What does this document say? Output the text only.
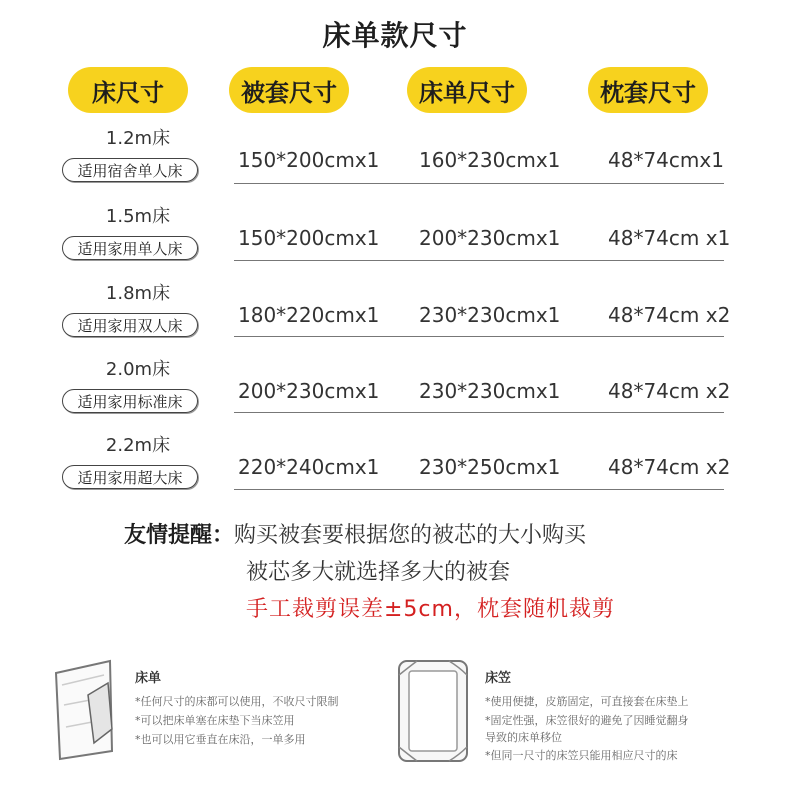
床单款尺寸
床尺寸	被套尺寸	床单尺寸	枕套尺寸
1.2m床
适用宿舍单人床	150*200cmx1 160*230cmx1 48*74cmx1
1.5m床
适用家用单人床	150*200cmx1 200*230cmx1 48*74cm x1
1.8m床
适用家用双人床	180*220cmx1 230*230cmx1 48*74cm x2
2.0m床
适用家用标准床	200*230cmx1 230*230cmx1 48*74cm x2
2.2m床
适用家用超大床	220*240cmx1 230*250cmx1 48*74cm x2
友情提醒：购买被套要根据您的被芯的大小购买
被芯多大就选择多大的被套
手工裁剪误差±5cm，枕套随机裁剪
床单
*任何尺寸的床都可以使用，不收尺寸限制
*可以把床单塞在床垫下当床笠用
*也可以用它垂直在床沿，一单多用
床笠
*使用便捷，皮筋固定，可直接套在床垫上
*固定性强，床笠很好的避免了因睡觉翻身
导致的床单移位
*但同一尺寸的床笠只能用相应尺寸的床
